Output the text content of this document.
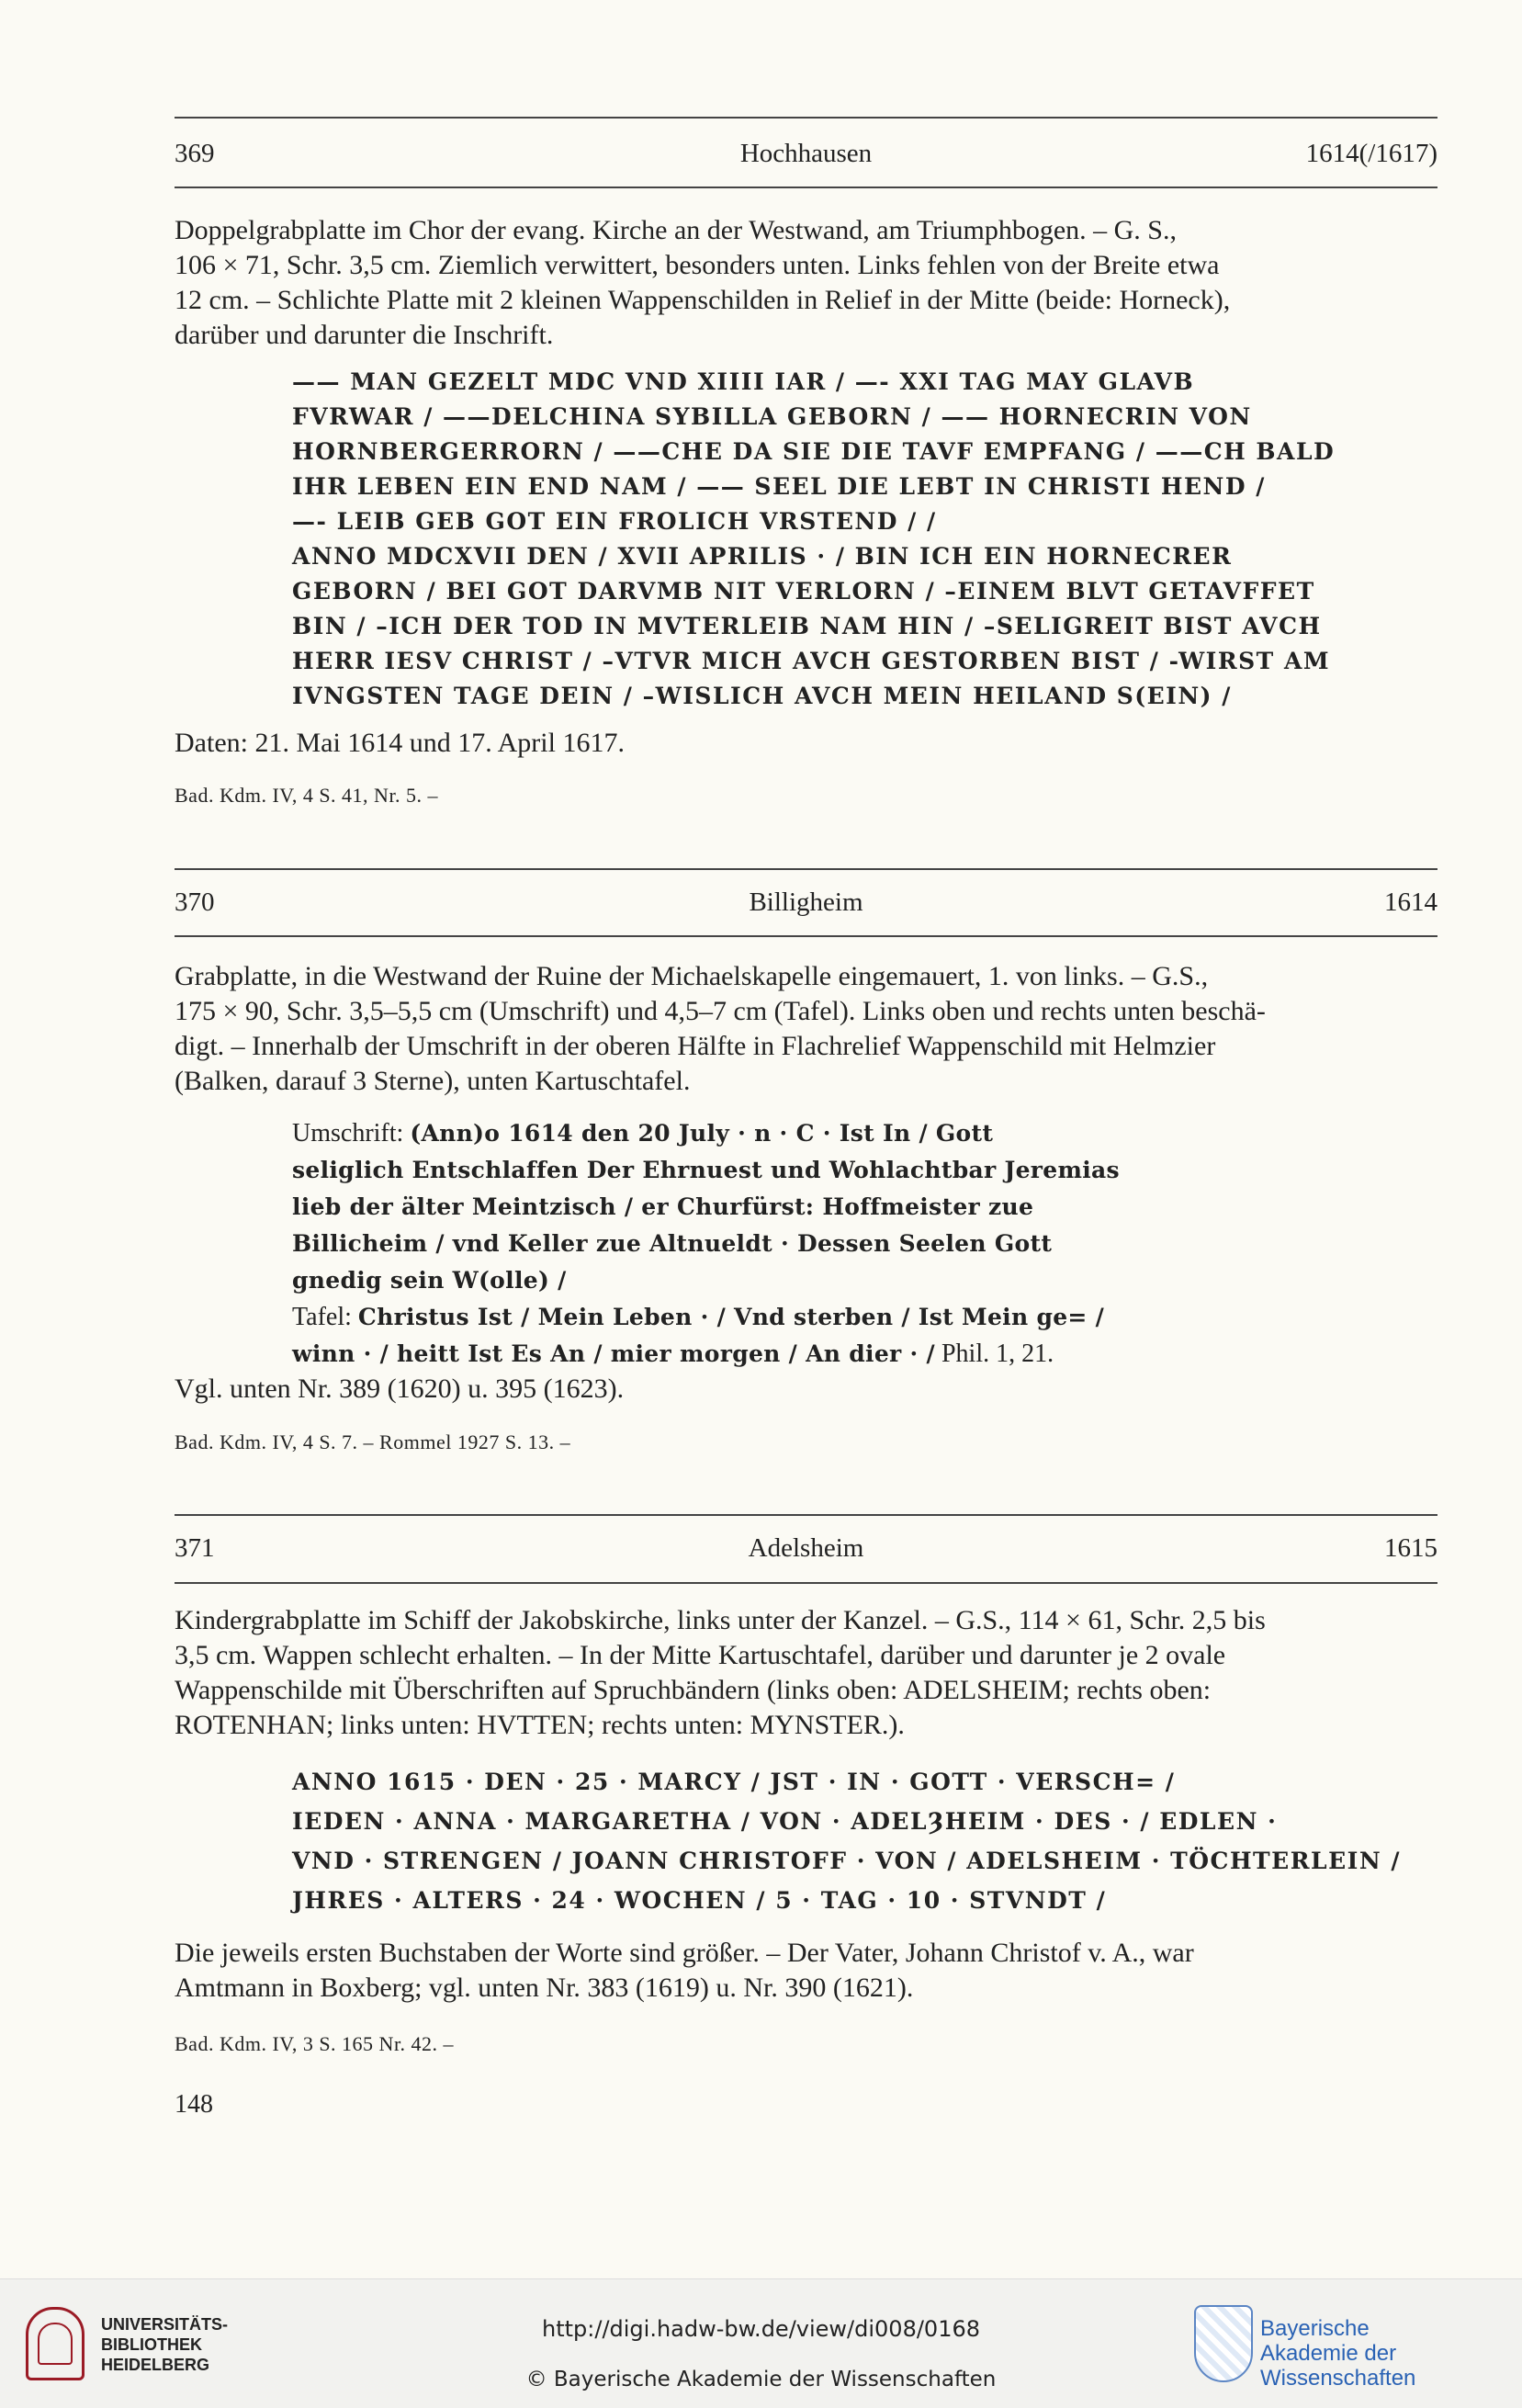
369	Hochhausen	1614(/1617)
Doppelgrabplatte im Chor der evang. Kirche an der Westwand, am Triumphbogen. – G. S.,
106 × 71, Schr. 3,5 cm. Ziemlich verwittert, besonders unten. Links fehlen von der Breite etwa
12 cm. – Schlichte Platte mit 2 kleinen Wappenschilden in Relief in der Mitte (beide: Horneck),
darüber und darunter die Inschrift.
—— MAN GEZELT MDC VND XIIII IAR / —- XXI TAG MAY GLAVB
FVRWAR / ——DELCHINA SYBILLA GEBORN / —— HORNECRIN VON
HORNBERGERRORN / ——CHE DA SIE DIE TAVF EMPFANG / ——CH BALD
IHR LEBEN EIN END NAM / —— SEEL DIE LEBT IN CHRISTI HEND /
—- LEIB GEB GOT EIN FROLICH VRSTEND / /
ANNO MDCXVII DEN / XVII APRILIS · / BIN ICH EIN HORNECRER
GEBORN / BEI GOT DARVMB NIT VERLORN / –EINEM BLVT GETAVFFET
BIN / –ICH DER TOD IN MVTERLEIB NAM HIN / –SELIGREIT BIST AVCH
HERR IESV CHRIST / –VTVR MICH AVCH GESTORBEN BIST / -WIRST AM
IVNGSTEN TAGE DEIN / –WISLICH AVCH MEIN HEILAND S(EIN) /
Daten: 21. Mai 1614 und 17. April 1617.
Bad. Kdm. IV, 4 S. 41, Nr. 5. –
370	Billigheim	1614
Grabplatte, in die Westwand der Ruine der Michaelskapelle eingemauert, 1. von links. – G.S.,
175 × 90, Schr. 3,5–5,5 cm (Umschrift) und 4,5–7 cm (Tafel). Links oben und rechts unten beschä-
digt. – Innerhalb der Umschrift in der oberen Hälfte in Flachrelief Wappenschild mit Helmzier
(Balken, darauf 3 Sterne), unten Kartuschtafel.
Umschrift: (Ann)o 1614 den 20 July · n · C · Ist In / Gott
seliglich Entschlaffen Der Ehrnuest und Wohlachtbar Jeremias
lieb der älter Meintzisch / er Churfürst: Hoffmeister zue
Billicheim / vnd Keller zue Altnueldt · Dessen Seelen Gott
gnedig sein W(olle) /
Tafel: Christus Ist / Mein Leben · / Vnd sterben / Ist Mein ge= /
winn · / heitt Ist Es An / mier morgen / An dier · / Phil. 1, 21.
Vgl. unten Nr. 389 (1620) u. 395 (1623).
Bad. Kdm. IV, 4 S. 7. – Rommel 1927 S. 13. –
371	Adelsheim	1615
Kindergrabplatte im Schiff der Jakobskirche, links unter der Kanzel. – G.S., 114 × 61, Schr. 2,5 bis
3,5 cm. Wappen schlecht erhalten. – In der Mitte Kartuschtafel, darüber und darunter je 2 ovale
Wappenschilde mit Überschriften auf Spruchbändern (links oben: ADELSHEIM; rechts oben:
ROTENHAN; links unten: HVTTEN; rechts unten: MYNSTER.).
ANNO 1615 · DEN · 25 · MARCY / JST · IN · GOTT · VERSCH= /
IEDEN · ANNA · MARGARETHA / VON · ADELȜHEIM · DES · / EDLEN ·
VND · STRENGEN / JOANN CHRISTOFF · VON / ADELSHEIM · TÖCHTERLEIN /
JHRES · ALTERS · 24 · WOCHEN / 5 · TAG · 10 · STVNDT /
Die jeweils ersten Buchstaben der Worte sind größer. – Der Vater, Johann Christof v. A., war
Amtmann in Boxberg; vgl. unten Nr. 383 (1619) u. Nr. 390 (1621).
Bad. Kdm. IV, 3 S. 165 Nr. 42. –
148
UNIVERSITÄTS-
BIBLIOTHEK
HEIDELBERG
http://digi.hadw-bw.de/view/di008/0168
© Bayerische Akademie der Wissenschaften
Bayerische
Akademie der Wissenschaften
